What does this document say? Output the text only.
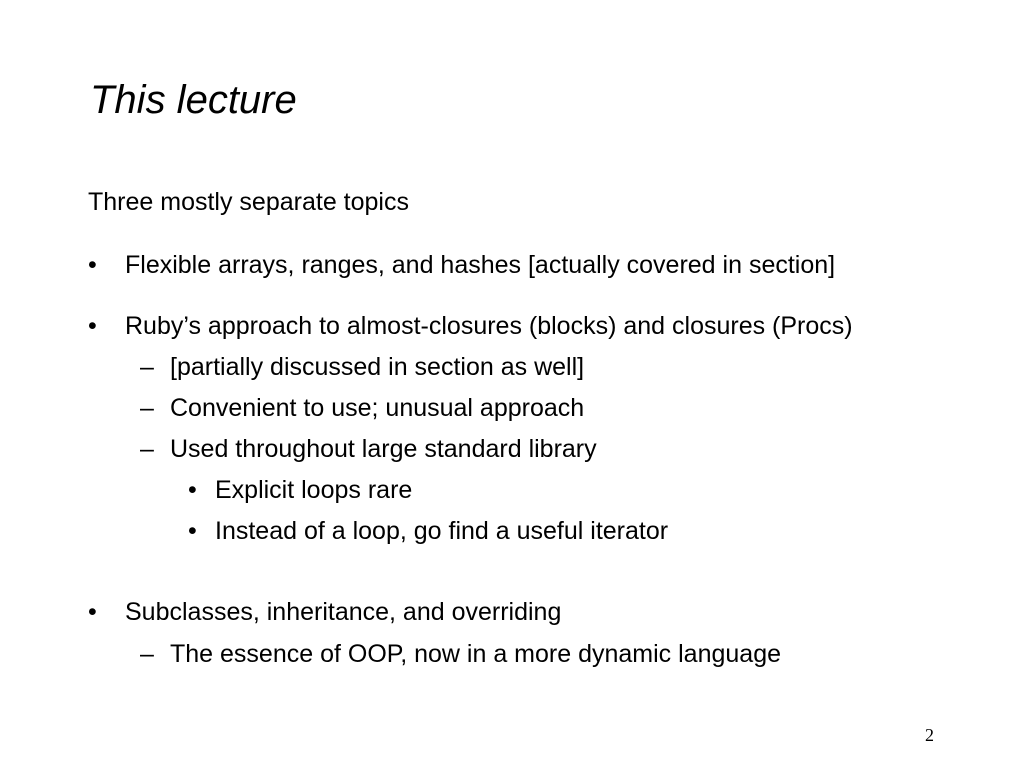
This lecture
Three mostly separate topics
• Flexible arrays, ranges, and hashes [actually covered in section]
• Ruby’s approach to almost-closures (blocks) and closures (Procs)
– [partially discussed in section as well]
– Convenient to use; unusual approach
– Used throughout large standard library
• Explicit loops rare
• Instead of a loop, go find a useful iterator
• Subclasses, inheritance, and overriding
– The essence of OOP, now in a more dynamic language
2
